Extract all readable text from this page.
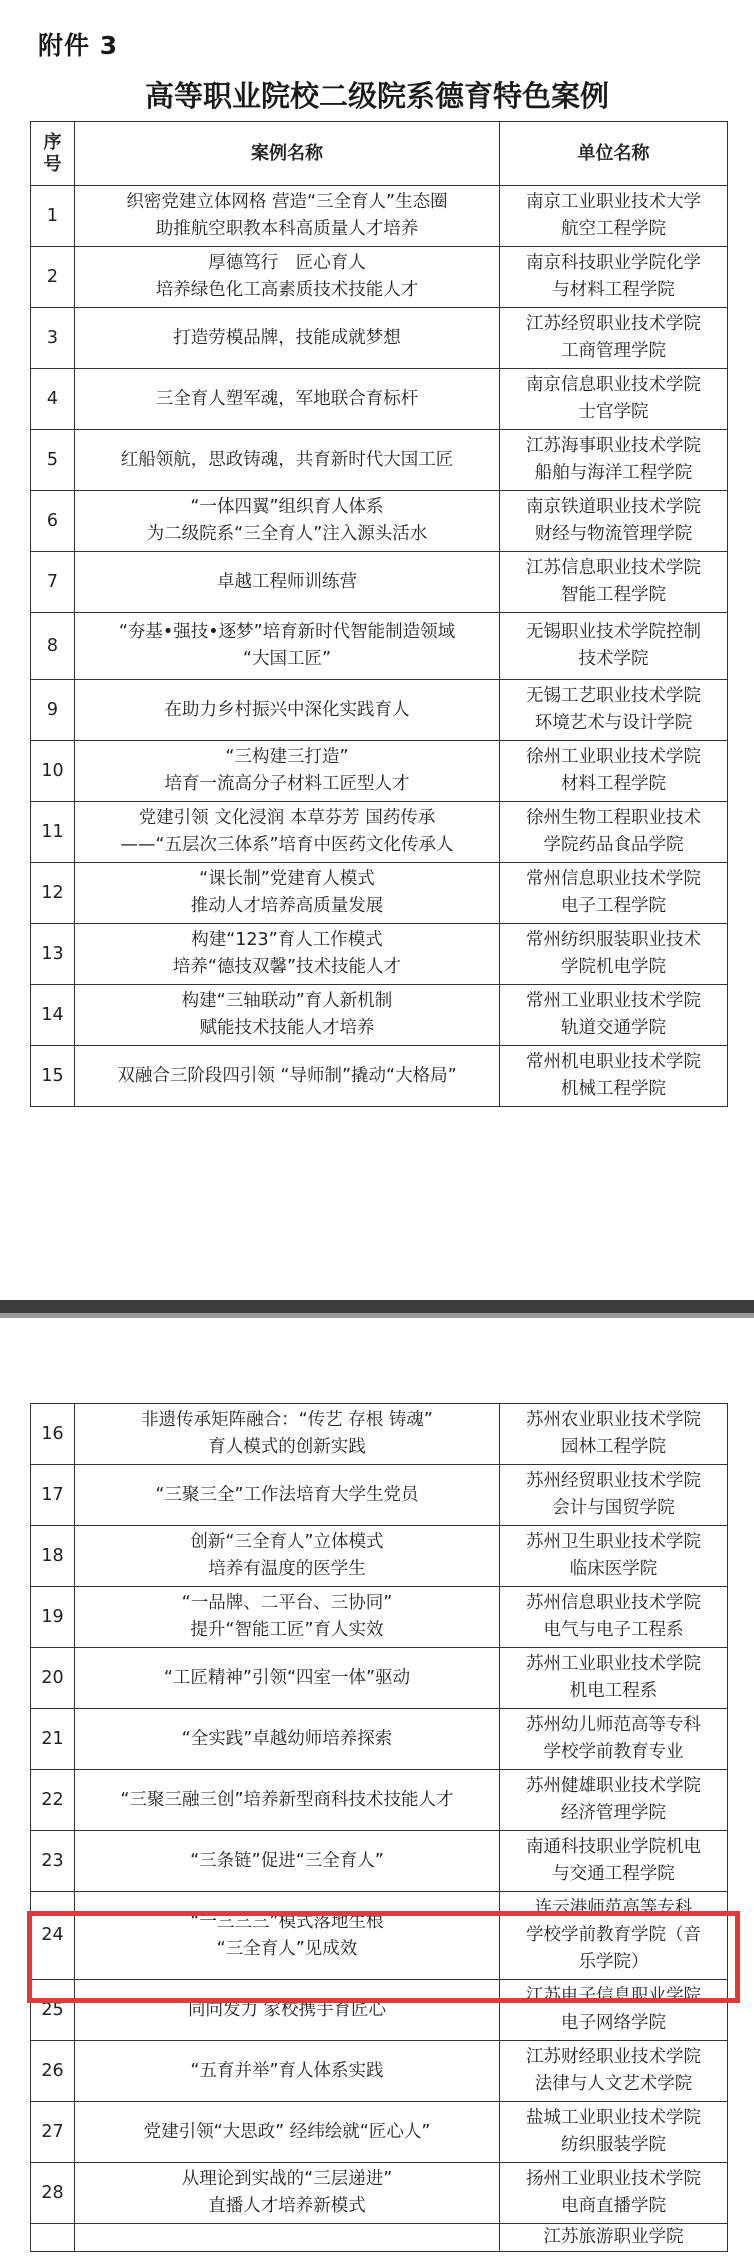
附件 3
高等职业院校二级院系德育特色案例
序
号	案例名称	单位名称
1	织密党建立体网格 营造“三全育人”生态圈
助推航空职教本科高质量人才培养	南京工业职业技术大学
航空工程学院

2	厚德笃行　匠心育人
培养绿色化工高素质技术技能人才	南京科技职业学院化学
与材料工程学院

3	打造劳模品牌，技能成就梦想	江苏经贸职业技术学院
工商管理学院

4	三全育人塑军魂，军地联合育标杆	南京信息职业技术学院
士官学院

5	红船领航，思政铸魂，共育新时代大国工匠	江苏海事职业技术学院
船舶与海洋工程学院

6	“一体四翼”组织育人体系
为二级院系“三全育人”注入源头活水	南京铁道职业技术学院
财经与物流管理学院

7	卓越工程师训练营	江苏信息职业技术学院
智能工程学院

8	“夯基•强技•逐梦”培育新时代智能制造领域
“大国工匠”	无锡职业技术学院控制
技术学院

9	在助力乡村振兴中深化实践育人	无锡工艺职业技术学院
环境艺术与设计学院

10	“三构建三打造”
培育一流高分子材料工匠型人才	徐州工业职业技术学院
材料工程学院

11	党建引领 文化浸润 本草芬芳 国药传承
——“五层次三体系”培育中医药文化传承人	徐州生物工程职业技术
学院药品食品学院

12	“课长制”党建育人模式
推动人才培养高质量发展	常州信息职业技术学院
电子工程学院

13	构建“123”育人工作模式
培养“德技双馨”技术技能人才	常州纺织服装职业技术
学院机电学院

14	构建“三轴联动”育人新机制
赋能技术技能人才培养	常州工业职业技术学院
轨道交通学院

15	双融合三阶段四引领 “导师制”撬动“大格局”	常州机电职业技术学院
机械工程学院
16	非遗传承矩阵融合：“传艺 存根 铸魂”
育人模式的创新实践	苏州农业职业技术学院
园林工程学院

17	“三聚三全”工作法培育大学生党员	苏州经贸职业技术学院
会计与国贸学院

18	创新“三全育人”立体模式
培养有温度的医学生	苏州卫生职业技术学院
临床医学院

19	“一品牌、二平台、三协同”
提升“智能工匠”育人实效	苏州信息职业技术学院
电气与电子工程系

20	“工匠精神”引领“四室一体”驱动	苏州工业职业技术学院
机电工程系

21	“全实践”卓越幼师培养探索	苏州幼儿师范高等专科
学校学前教育专业

22	“三聚三融三创”培养新型商科技术技能人才	苏州健雄职业技术学院
经济管理学院

23	“三条链”促进“三全育人”	南通科技职业学院机电
与交通工程学院

24	“一三三三”模式落地生根
“三全育人”见成效	连云港师范高等专科
学校学前教育学院（音
乐学院）

25	同向发力 家校携手育匠心	江苏电子信息职业学院
电子网络学院

26	“五育并举”育人体系实践	江苏财经职业技术学院
法律与人文艺术学院

27	党建引领“大思政” 经纬绘就“匠心人”	盐城工业职业技术学院
纺织服装学院

28	从理论到实战的“三层递进”
直播人才培养新模式	扬州工业职业技术学院
电商直播学院

		江苏旅游职业学院
